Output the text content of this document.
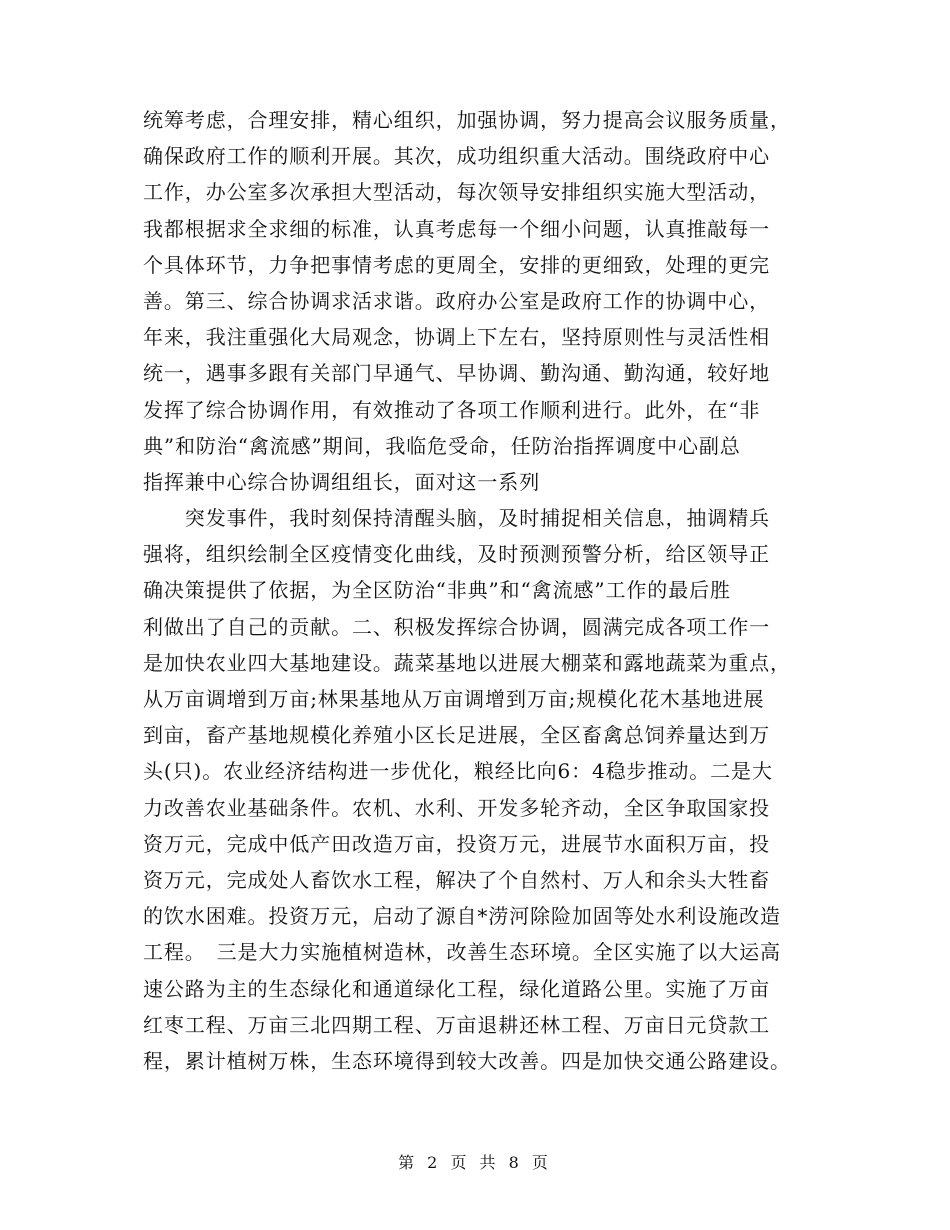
统筹考虑，合理安排，精心组织，加强协调，努力提高会议服务质量，
确保政府工作的顺利开展。其次，成功组织重大活动。围绕政府中心
工作，办公室多次承担大型活动，每次领导安排组织实施大型活动，
我都根据求全求细的标准，认真考虑每一个细小问题，认真推敲每一
个具体环节，力争把事情考虑的更周全，安排的更细致，处理的更完
善。第三、综合协调求活求谐。政府办公室是政府工作的协调中心，
年来，我注重强化大局观念，协调上下左右，坚持原则性与灵活性相
统一，遇事多跟有关部门早通气、早协调、勤沟通、勤沟通，较好地
发挥了综合协调作用，有效推动了各项工作顺利进行。此外，在“非
典”和防治“禽流感”期间，我临危受命，任防治指挥调度中心副总
指挥兼中心综合协调组组长，面对这一系列
　　突发事件，我时刻保持清醒头脑，及时捕捉相关信息，抽调精兵
强将，组织绘制全区疫情变化曲线，及时预测预警分析，给区领导正
确决策提供了依据，为全区防治“非典”和“禽流感”工作的最后胜
利做出了自己的贡献。二、积极发挥综合协调，圆满完成各项工作一
是加快农业四大基地建设。蔬菜基地以进展大棚菜和露地蔬菜为重点，
从万亩调增到万亩;林果基地从万亩调增到万亩;规模化花木基地进展
到亩，畜产基地规模化养殖小区长足进展，全区畜禽总饲养量达到万
头(只)。农业经济结构进一步优化，粮经比向6：4稳步推动。二是大
力改善农业基础条件。农机、水利、开发多轮齐动，全区争取国家投
资万元，完成中低产田改造万亩，投资万元，进展节水面积万亩，投
资万元，完成处人畜饮水工程，解决了个自然村、万人和余头大牲畜
的饮水困难。投资万元，启动了源自*涝河除险加固等处水利设施改造
工程。　三是大力实施植树造林，改善生态环境。全区实施了以大运高
速公路为主的生态绿化和通道绿化工程，绿化道路公里。实施了万亩
红枣工程、万亩三北四期工程、万亩退耕还林工程、万亩日元贷款工
程，累计植树万株，生态环境得到较大改善。四是加快交通公路建设。
第 2 页 共 8 页
